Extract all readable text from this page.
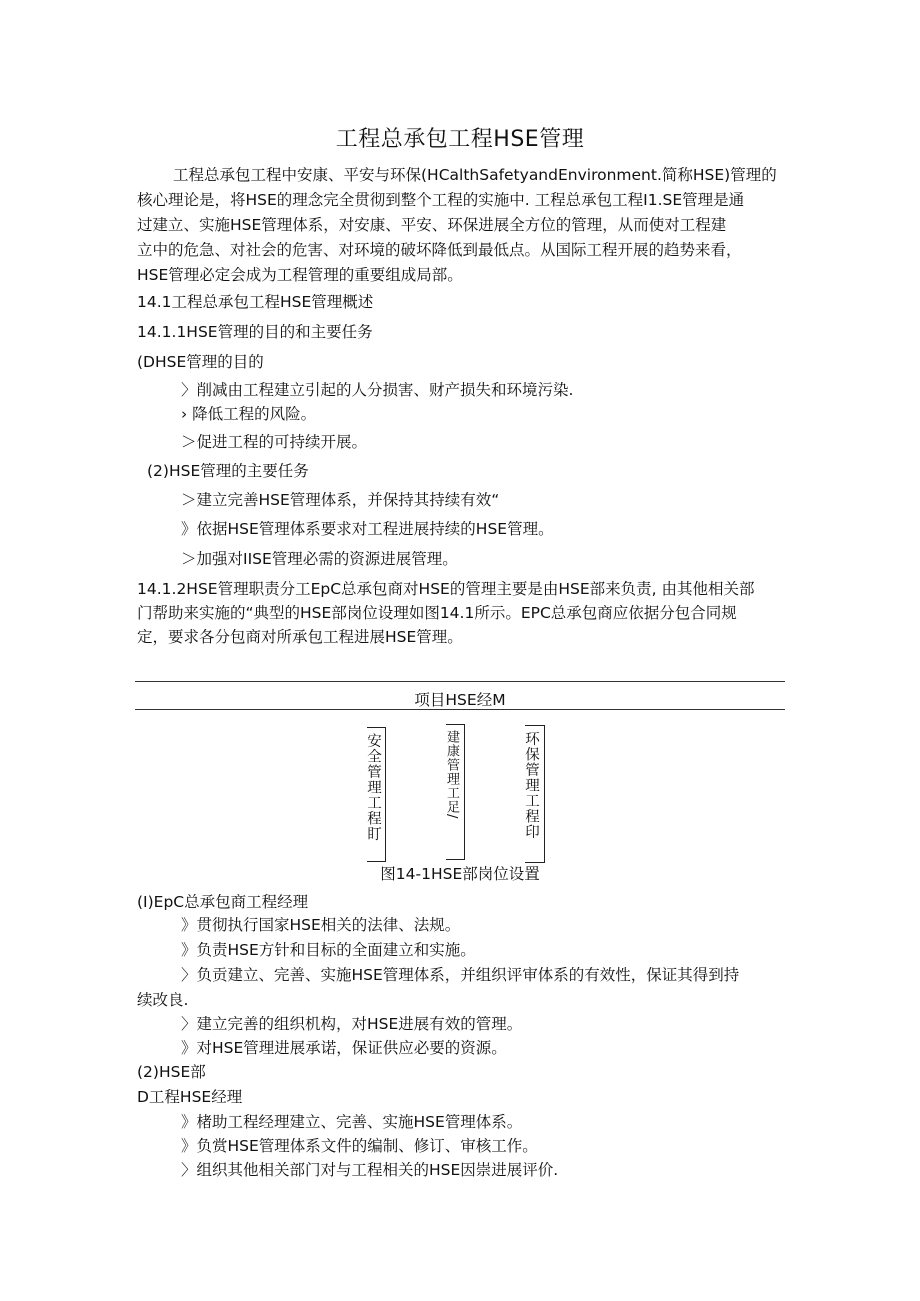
工程总承包工程HSE管理
工程总承包工程中安康、平安与环保(HCalthSafetyandEnvironment.简称HSE)管理的
核心理论是，将HSE的理念完全贯彻到整个工程的实施中. 工程总承包工程I1.SE管理是通
过建立、实施HSE管理体系，对安康、平安、环保进展全方位的管理，从而使对工程建
立中的危急、对社会的危害、对环境的破坏降低到最低点。从国际工程开展的趋势来看，
HSE管理必定会成为工程管理的重要组成局部。
14.1工程总承包工程HSE管理概述
14.1.1HSE管理的目的和主要任务
(DHSE管理的目的
〉削减由工程建立引起的人分损害、财产损失和环境污染.
› 降低工程的风险。
＞促进工程的可持续开展。
(2)HSE管理的主要任务
＞建立完善HSE管理体系，并保持其持续有效“
》依据HSE管理体系要求对工程进展持续的HSE管理。
＞加强对IISE管理必需的资源进展管理。
14.1.2HSE管理职责分工EpC总承包商对HSE的管理主要是由HSE部来负责, 由其他相关部
门帮助来实施的“典型的HSE部岗位设理如图14.1所示。EPC总承包商应依据分包合同规
定，要求各分包商对所承包工程进展HSE管理。
项目HSE经M
安全管理工程盯	建康管理工足/	环保管理工程印
图14-1HSE部岗位设置
(I)EpC总承包商工程经理
》贯彻执行国家HSE相关的法律、法规。
》负责HSE方针和目标的全面建立和实施。
〉负贡建立、完善、实施HSE管理体系，并组织评审体系的有效性，保证其得到持
续改良.
〉建立完善的组织机构，对HSE进展有效的管理。
》对HSE管理进展承诺，保证供应必要的资源。
(2)HSE部
D工程HSE经理
》楮助工程经理建立、完善、实施HSE管理体系。
》负赏HSE管理体系文件的编制、修订、审核工作。
〉组织其他相关部门对与工程相关的HSE因崇进展评价.
